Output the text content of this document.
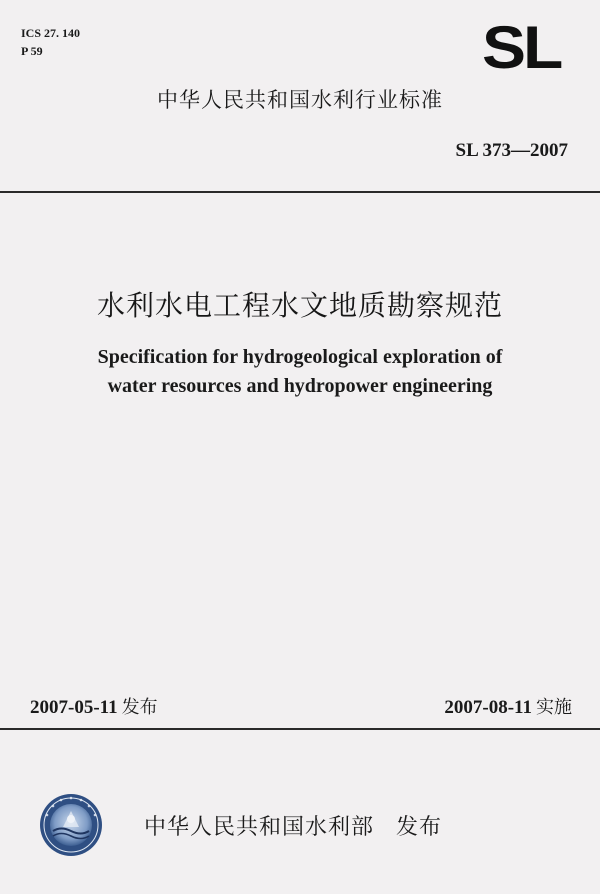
ICS 27. 140
P 59	SL
中华人民共和国水利行业标准
SL 373—2007
水利水电工程水文地质勘察规范
Specification for hydrogeological exploration of
water resources and hydropower engineering
2007-05-11 发布	2007-08-11 实施
中华人民共和国水利部 发布
